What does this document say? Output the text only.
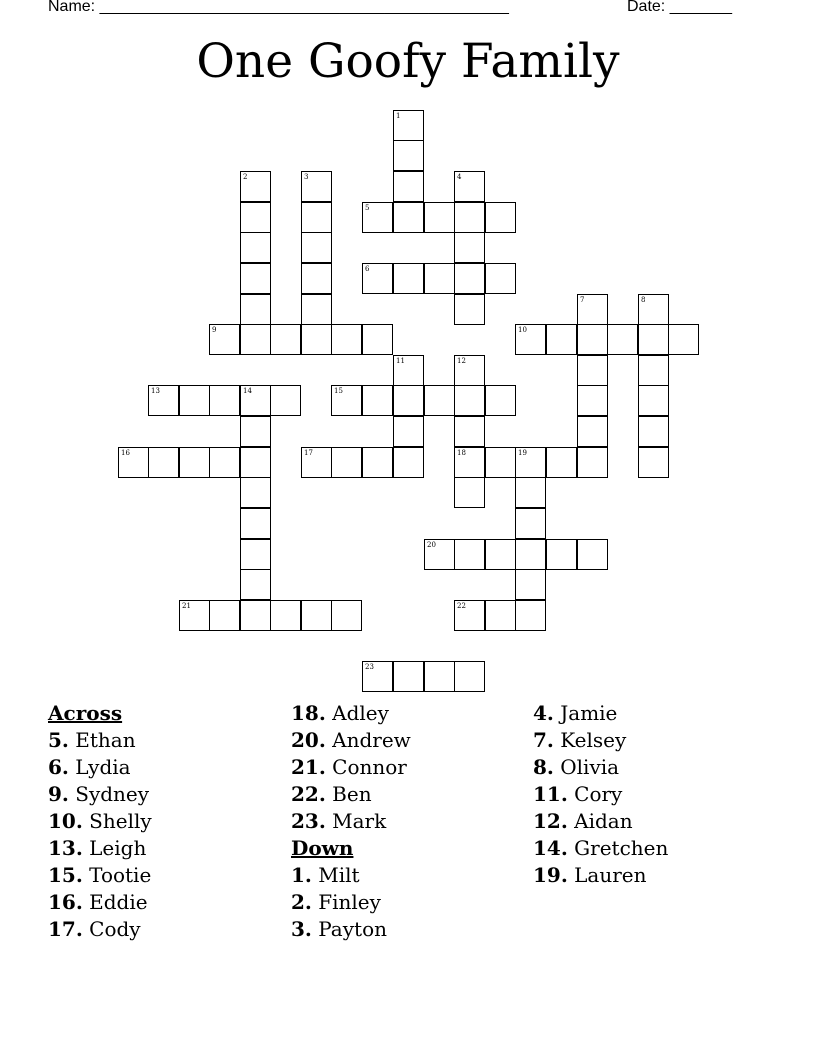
Name: ______________________________________________	Date: _______
One Goofy Family
1
2	3	4
5
6
7	8
9	10
11	12
13	14	15
16	17	18	19
20
21	22
23
Across
5. Ethan
6. Lydia
9. Sydney
10. Shelly
13. Leigh
15. Tootie
16. Eddie
17. Cody
18. Adley
20. Andrew
21. Connor
22. Ben
23. Mark
Down
1. Milt
2. Finley
3. Payton
4. Jamie
7. Kelsey
8. Olivia
11. Cory
12. Aidan
14. Gretchen
19. Lauren
